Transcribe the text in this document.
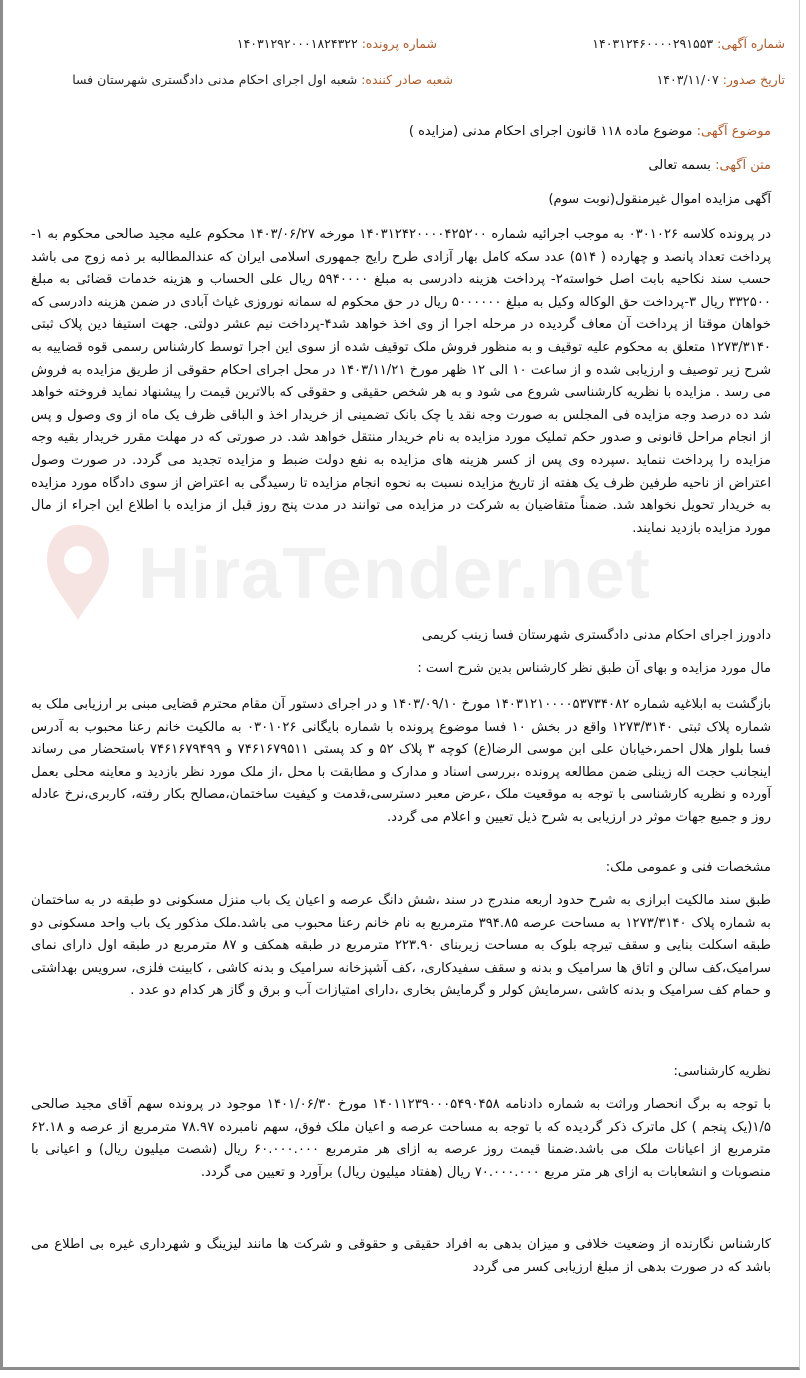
HiraTender.net
شماره آگهی: ۱۴۰۳۱۲۴۶۰۰۰۰۲۹۱۵۵۳
شماره پرونده: ۱۴۰۳۱۲۹۲۰۰۰۱۸۲۴۳۲۲
تاریخ صدور: ۱۴۰۳/۱۱/۰۷
شعبه صادر کننده: شعبه اول اجرای احکام مدنی دادگستری شهرستان فسا
موضوع آگهی: موضوع ماده ۱۱۸ قانون اجرای احکام مدنی (مزایده )
متن آگهی: بسمه تعالی
آگهی مزایده اموال غیرمنقول(نوبت سوم)
در پرونده کلاسه ۰۳۰۱۰۲۶ به موجب اجرائیه شماره ۱۴۰۳۱۲۴۲۰۰۰۰۴۲۵۲۰۰ مورخه ۱۴۰۳/۰۶/۲۷ محکوم علیه مجید صالحی محکوم به ۱- پرداخت تعداد پانصد و چهارده ( ۵۱۴) عدد سکه کامل بهار آزادی طرح رایج جمهوری اسلامی ایران که عندالمطالبه بر ذمه زوج می باشد حسب سند نکاحیه بابت اصل خواسته۲- پرداخت هزینه دادرسی به مبلغ ۵۹۴۰۰۰۰ ریال علی الحساب و هزینه خدمات قضائی به مبلغ ۳۳۲۵۰۰ ریال ۳-پرداخت حق الوکاله وکیل به مبلغ ۵۰۰۰۰۰۰ ریال در حق محکوم له سمانه نوروزی غیاث آبادی در ضمن هزینه دادرسی که خواهان موقتا از پرداخت آن معاف گردیده در مرحله اجرا از وی اخذ خواهد شد۴-پرداخت نیم عشر دولتی. جهت استیفا دین پلاک ثبتی ۱۲۷۳/۳۱۴۰ متعلق به محکوم علیه توقیف و به منظور فروش ملک توقیف شده از سوی این اجرا توسط کارشناس رسمی قوه قضاییه به شرح زیر توصیف و ارزیابی شده و از ساعت ۱۰ الی ۱۲ ظهر مورخ ۱۴۰۳/۱۱/۲۱ در محل اجرای احکام حقوقی از طریق مزایده به فروش می رسد . مزایده با نظریه کارشناسی شروع می شود و به هر شخص حقیقی و حقوقی که بالاترین قیمت را پیشنهاد نماید فروخته خواهد شد ده درصد وجه مزایده فی المجلس به صورت وجه نقد یا چک بانک تضمینی از خریدار اخذ و الباقی ظرف یک ماه از وی وصول و پس از انجام مراحل قانونی و صدور حکم تملیک مورد مزایده به نام خریدار منتقل خواهد شد. در صورتی که در مهلت مقرر خریدار بقیه وجه مزایده را پرداخت ننماید .سپرده وی پس از کسر هزینه های مزایده به نفع دولت ضبط و مزایده تجدید می گردد. در صورت وصول اعتراض از ناحیه طرفین ظرف یک هفته از تاریخ مزایده نسبت به نحوه انجام مزایده تا رسیدگی به اعتراض از سوی دادگاه مورد مزایده به خریدار تحویل نخواهد شد. ضمناً متقاضیان به شرکت در مزایده می توانند در مدت پنج روز قبل از مزایده با اطلاع این اجراء از مال مورد مزایده بازدید نمایند.
دادورز اجرای احکام مدنی دادگستری شهرستان فسا زینب کریمی
مال مورد مزایده و بهای آن طبق نظر کارشناس بدین شرح است :
بازگشت به ابلاغیه شماره ۱۴۰۳۱۲۱۰۰۰۰۵۳۷۳۴۰۸۲ مورخ ۱۴۰۳/۰۹/۱۰ و در اجرای دستور آن مقام محترم قضایی مبنی بر ارزیابی ملک به شماره پلاک ثبتی ۱۲۷۳/۳۱۴۰ واقع در بخش ۱۰ فسا موضوع پرونده با شماره بایگانی ۰۳۰۱۰۲۶ به مالکیت خانم رعنا محبوب به آدرس فسا بلوار هلال احمر،خیابان علی ابن موسی الرضا(ع) کوچه ۳ پلاک ۵۲ و کد پستی ۷۴۶۱۶۷۹۵۱۱ و ۷۴۶۱۶۷۹۴۹۹ باستحضار می رساند اینجانب حجت اله زینلی ضمن مطالعه پرونده ،بررسی اسناد و مدارک و مطابقت با محل ،از ملک مورد نظر بازدید و معاینه محلی بعمل آورده و نظریه کارشناسی با توجه به موقعیت ملک ،عرض معبر دسترسی،قدمت و کیفیت ساختمان،مصالح بکار رفته، کاربری،نرخ عادله روز و جمیع جهات موثر در ارزیابی به شرح ذیل تعیین و اعلام می گردد.
مشخصات فنی و عمومی ملک:
طبق سند مالکیت ابرازی به شرح حدود اربعه مندرج در سند ،شش دانگ عرصه و اعیان یک باب منزل مسکونی دو طبقه در به ساختمان به شماره پلاک ۱۲۷۳/۳۱۴۰ به مساحت عرصه ۳۹۴.۸۵ مترمربع به نام خانم رعنا محبوب می باشد.ملک مذکور یک باب واحد مسکونی دو طبقه اسکلت بنایی و سقف تیرچه بلوک به مساحت زیربنای ۲۲۳.۹۰ مترمربع در طبقه همکف و ۸۷ مترمربع در طبقه اول دارای نمای سرامیک،کف سالن و اتاق ها سرامیک و بدنه و سقف سفیدکاری، ،کف آشپزخانه سرامیک و بدنه کاشی ، کابینت فلزی، سرویس بهداشتی و حمام کف سرامیک و بدنه کاشی ،سرمایش کولر و گرمایش بخاری ،دارای امتیازات آب و برق و گاز هر کدام دو عدد .
نظریه کارشناسی:
با توجه به برگ انحصار وراثت به شماره دادنامه ۱۴۰۱۱۲۳۹۰۰۰۵۴۹۰۴۵۸ مورخ ۱۴۰۱/۰۶/۳۰ موجود در پرونده سهم آقای مجید صالحی ۱/۵(یک پنجم ) کل ماترک ذکر گردیده که با توجه به مساحت عرصه و اعیان ملک فوق، سهم نامبرده ۷۸.۹۷ مترمربع از عرصه و ۶۲.۱۸ مترمربع از اعیانات ملک می باشد.ضمنا قیمت روز عرصه به ازای هر مترمربع ۶۰.۰۰۰.۰۰۰ ریال (شصت میلیون ریال) و اعیانی با منصوبات و انشعابات به ازای هر متر مربع ۷۰.۰۰۰.۰۰۰ ریال (هفتاد میلیون ریال) برآورد و تعیین می گردد.
کارشناس نگارنده از وضعیت خلافی و میزان بدهی به افراد حقیقی و حقوقی و شرکت ها مانند لیزینگ و شهرداری غیره بی اطلاع می باشد که در صورت بدهی از مبلغ ارزیابی کسر می گردد
